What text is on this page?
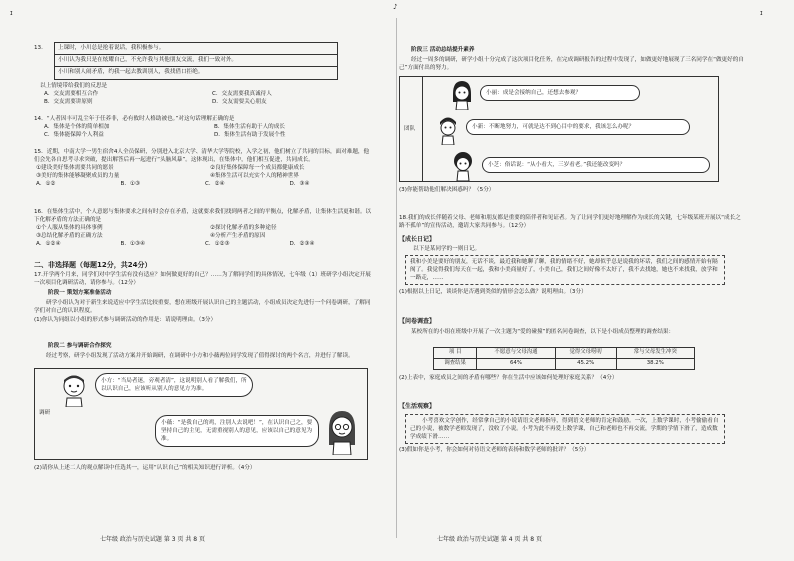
♪
ɪ	ɪ
13.	上课时，小川总是抢着说话，我积极参与。
小川认为我只是在炫耀自己，不允许我与其他朋友交流，我们一致对外。
小川和别人闹矛盾，约我一起去教训别人，我找借口拒绝。
以上情境带给我们的反思是
A．交友需要相互合作	C．交友需要我真诚待人
B．交友需要讲原则	D．交友需要关心朋友
14．“人者因丰可乱尘年于任养非，必有攸时人格助被也。”对这句话理解正确的是
A．集体是个体的简单相加	B．集体生活有助于人的成长
C．集体能保障个人利益	D．集体生活有助于发展个性
15．近期，中南大学一男生宿舍4人全员保研，分别进入北京大学、清华大学等院校，入学之初，他们树立了共同的目标，面对难题，他们会先各自思考寻求突破，提出解答后再一起进行“头脑风暴”。这体现出，在集体中，他们相互促进，共同成长。
①建设美好集体需要共同的愿景	②良好集体保障每一个成员都健康成长
③美好的集体能够凝聚成员的力量	④集体生活可以充实个人的精神世界
A．①②	B．①③	C．②④	D．③④
16．在集体生活中，个人意愿与集体要求之间有时会存在矛盾，这就要求我们找到两者之间的平衡点，化解矛盾，让集体生活更和谐。以下化解矛盾的方法正确的是
①个人服从集体的具体事例	②探讨化解矛盾的多种途径
③总结化解矛盾的正确方法	④分析产生矛盾的原因
A．①②④	B．①③④	C．①②③	D．②③④
二、非选择题（每题12分，共24分）
17.开学两个月来，同学们对中学生活有没有适应？如何做更好的自己？……为了解同学们的具体情况，七年级（1）班研学小组决定开展一次项目化调研活动，请你参与。（12分）
阶段一 策划方案准备活动
研学小组认为对于新生来说适应中学生活比较重要，想在班级开展认识自己的主题活动，小组成员决定先进行一个问卷调研，了解同学们对自己的认识程度。
(1)你认为同组以小组的形式参与调研活动的作用是：请说明理由。（3分）
阶段二 参与调研合作探究
经过考察，研学小组发现了活动方案并开始调研，在调研中小方和小薇两位同学发现了值得探讨的两个名言，并进行了解读。
调研
小方：“当局者迷，旁观者清”，这说明别人看了解我们，所以认识自己，应该听从别人的意见方为准。
小薇：“是我自己的鸡，注别人去说吧！”，在认识自己之，要坚持自己的主见，无需重视别人的意见，应该以自己的意见为准。
(2)请你从上述二人的观点解读中任选其一，运用“认识自己”的相关知识进行评析。（4分）
七年级 政治与历史试题 第 3 页 共 8 页
阶段三 活动总结提升素养
经过一周多的调研，研学小组十分完成了这次项目化任务，在完成调研报告的过程中发现了，如做更好地展现了三名同学在“做更好的自己”方面付出的努力。
团队
小丽：成是会接纳自己，还想去参观？
小新：不断地努力，可就是达不到心目中的要求，我该怎么办呢？
小芝：俗话说：“从小看大，三岁看老。”我还能改变吗？
(3)你能帮助他们解决困惑吗？（5分）
18.我们的成长伴随着父母、老师和朋友都是重要的陪伴者和见证者。为了让同学们更好地理解作为成长的关键，七年级某班开展以“成长之路不孤单”的宣传活动，邀请大家共同参与。（12分）
【成长日记】
以下是某同学的一则日记。
我和小美是要好的朋友，无话不谈，最近我和她聊了聊，我的情绪不好，她却似乎总是说我的坏话，我们之间的感情开始有隔阂了。我觉得我们每天在一起，我和小美商量好了，小美自己，我们之间好像不太好了，我不去找她，她也不来找我，放学和一路走，……
(1)根据以上日记，谈谈你是否遇到类似的情形会怎么做？说明理由。（3分）
【问卷调查】
某校所在的小组在班级中开展了一次主题为“爱的碰撞”的匿名问卷调查，以下是小组成员整理的调查结果：
项 目	不愿意与父母沟通	觉得父母唠叨	常与父母发生冲突
调查结果	64%	45.2%	38.2%
(2)上表中，家庭成员之间的矛盾有哪些？你在生活中应该如何处理好家庭关系？（4分）
【生活观察】
小考喜欢文学创作，经常拿自己的小说请语文老师指导，得到语文老师的肯定和鼓励。一次，上数学课时，小考偷偷看自己的小说，被数学老师发现了，没收了小说。小考为此不再爱上数学课，自己和老师也不再交流，学期的学情下滑了，造成数学成绩下滑……
(3)假如你是小考，你会如何对待语文老师的表扬和数学老师的批评？（5分）
七年级 政治与历史试题 第 4 页 共 8 页
